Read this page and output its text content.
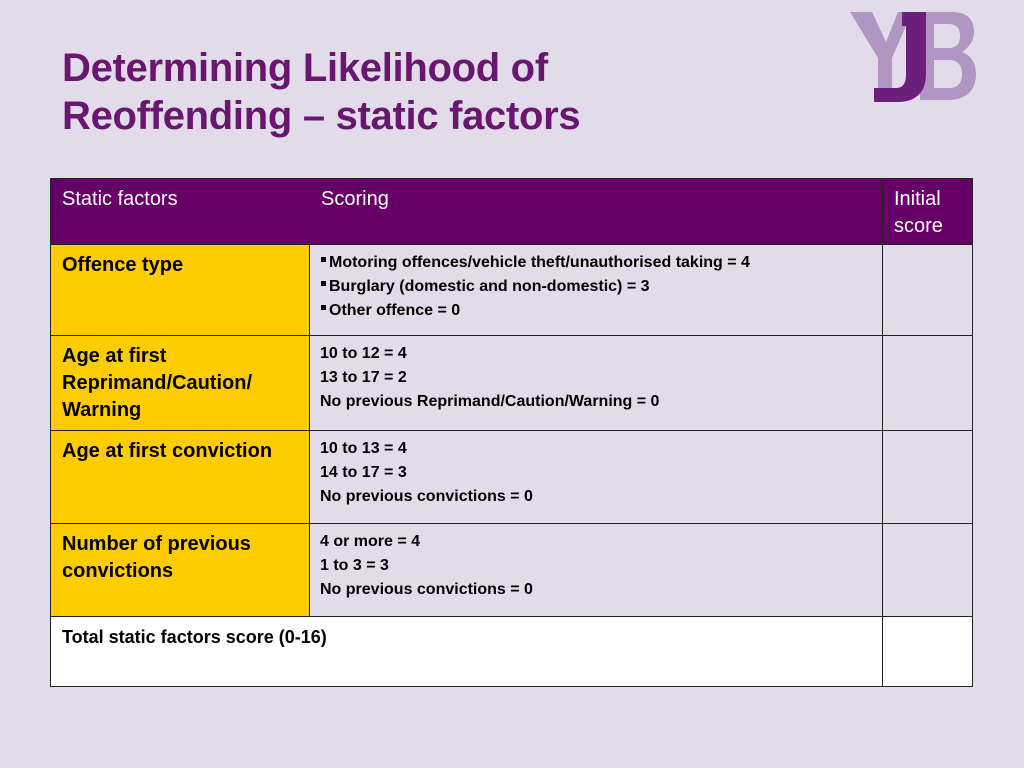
Determining Likelihood of
Reoffending – static factors
Static factors	Scoring	Initial score
Offence type	Motoring offences/vehicle theft/unauthorised taking = 4
Burglary (domestic and non-domestic) = 3
Other offence = 0	

Age at first Reprimand/Caution/ Warning	10 to 12 = 4
13 to 17 = 2
No previous Reprimand/Caution/Warning = 0	

Age at first conviction	10 to 13 = 4
14 to 17 = 3
No previous convictions = 0	

Number of previous convictions	4 or more = 4
1 to 3 = 3
No previous convictions = 0	

Total static factors score (0-16)		
